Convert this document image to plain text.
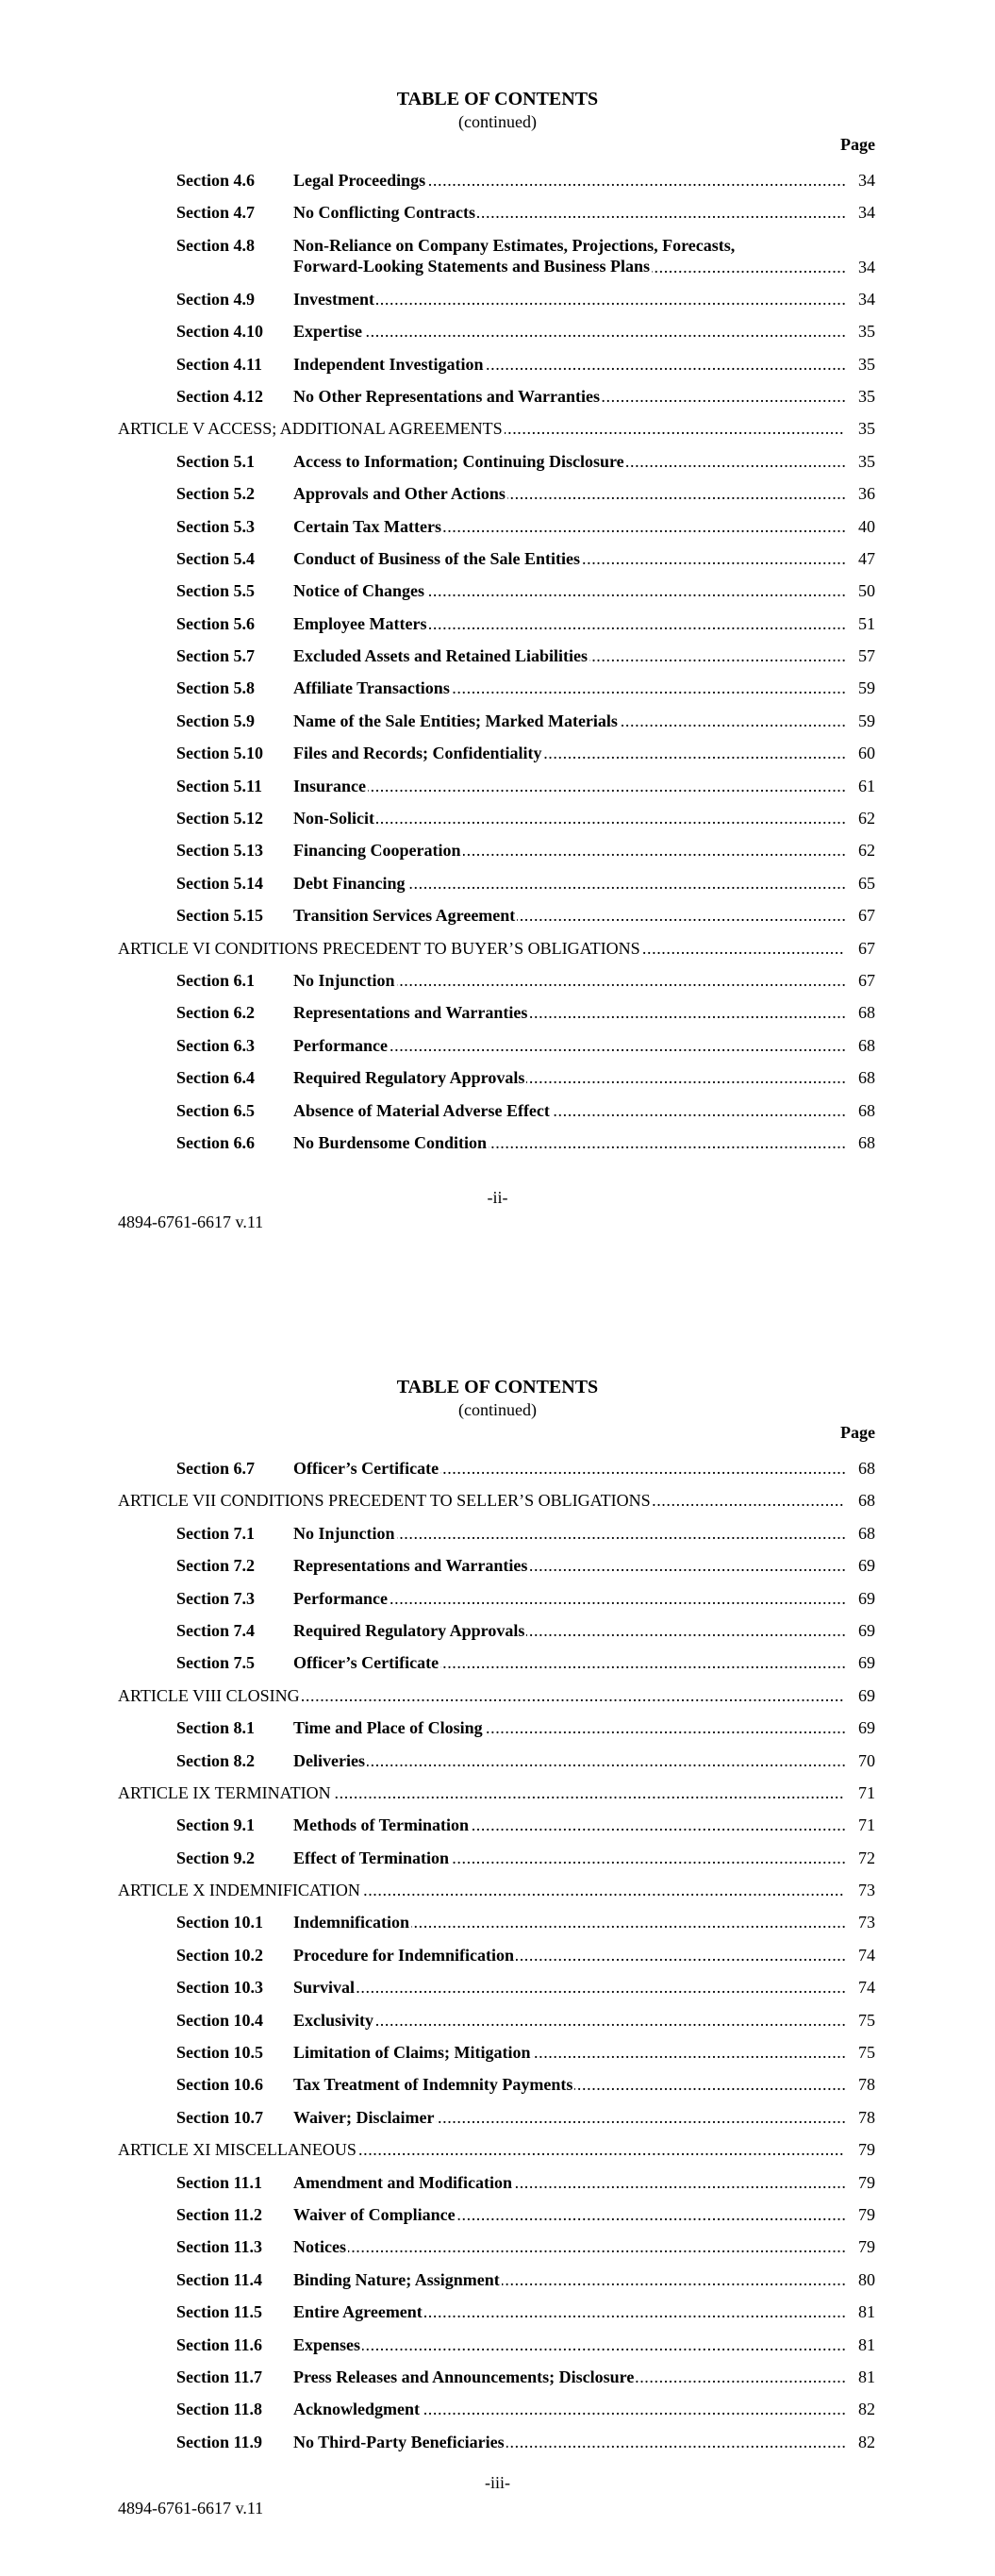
TABLE OF CONTENTS
(continued)
Page
Section 4.6 Legal Proceedings .....	34
Section 4.7 No Conflicting Contracts .....	34
Section 4.8 Non-Reliance on Company Estimates, Projections, Forecasts,
Forward-Looking Statements and Business Plans .....	34
Section 4.9 Investment .....	34
Section 4.10 Expertise .....	35
Section 4.11 Independent Investigation .....	35
Section 4.12 No Other Representations and Warranties .....	35
ARTICLE V ACCESS; ADDITIONAL AGREEMENTS .....	35
Section 5.1 Access to Information; Continuing Disclosure .....	35
Section 5.2 Approvals and Other Actions .....	36
Section 5.3 Certain Tax Matters .....	40
Section 5.4 Conduct of Business of the Sale Entities .....	47
Section 5.5 Notice of Changes .....	50
Section 5.6 Employee Matters .....	51
Section 5.7 Excluded Assets and Retained Liabilities .....	57
Section 5.8 Affiliate Transactions .....	59
Section 5.9 Name of the Sale Entities; Marked Materials .....	59
Section 5.10 Files and Records; Confidentiality .....	60
Section 5.11 Insurance .....	61
Section 5.12 Non-Solicit .....	62
Section 5.13 Financing Cooperation .....	62
Section 5.14 Debt Financing .....	65
Section 5.15 Transition Services Agreement .....	67
ARTICLE VI CONDITIONS PRECEDENT TO BUYER’S OBLIGATIONS .....	67
Section 6.1 No Injunction .....	67
Section 6.2 Representations and Warranties .....	68
Section 6.3 Performance .....	68
Section 6.4 Required Regulatory Approvals .....	68
Section 6.5 Absence of Material Adverse Effect .....	68
Section 6.6 No Burdensome Condition .....	68
-ii-
4894-6761-6617 v.11
TABLE OF CONTENTS
(continued)
Page
Section 6.7 Officer’s Certificate .....	68
ARTICLE VII CONDITIONS PRECEDENT TO SELLER’S OBLIGATIONS .....	68
Section 7.1 No Injunction .....	68
Section 7.2 Representations and Warranties .....	69
Section 7.3 Performance .....	69
Section 7.4 Required Regulatory Approvals .....	69
Section 7.5 Officer’s Certificate .....	69
ARTICLE VIII CLOSING .....	69
Section 8.1 Time and Place of Closing .....	69
Section 8.2 Deliveries .....	70
ARTICLE IX TERMINATION .....	71
Section 9.1 Methods of Termination .....	71
Section 9.2 Effect of Termination .....	72
ARTICLE X INDEMNIFICATION .....	73
Section 10.1 Indemnification .....	73
Section 10.2 Procedure for Indemnification .....	74
Section 10.3 Survival .....	74
Section 10.4 Exclusivity .....	75
Section 10.5 Limitation of Claims; Mitigation .....	75
Section 10.6 Tax Treatment of Indemnity Payments .....	78
Section 10.7 Waiver; Disclaimer .....	78
ARTICLE XI MISCELLANEOUS .....	79
Section 11.1 Amendment and Modification .....	79
Section 11.2 Waiver of Compliance .....	79
Section 11.3 Notices .....	79
Section 11.4 Binding Nature; Assignment .....	80
Section 11.5 Entire Agreement .....	81
Section 11.6 Expenses .....	81
Section 11.7 Press Releases and Announcements; Disclosure .....	81
Section 11.8 Acknowledgment .....	82
Section 11.9 No Third-Party Beneficiaries .....	82
-iii-
4894-6761-6617 v.11
